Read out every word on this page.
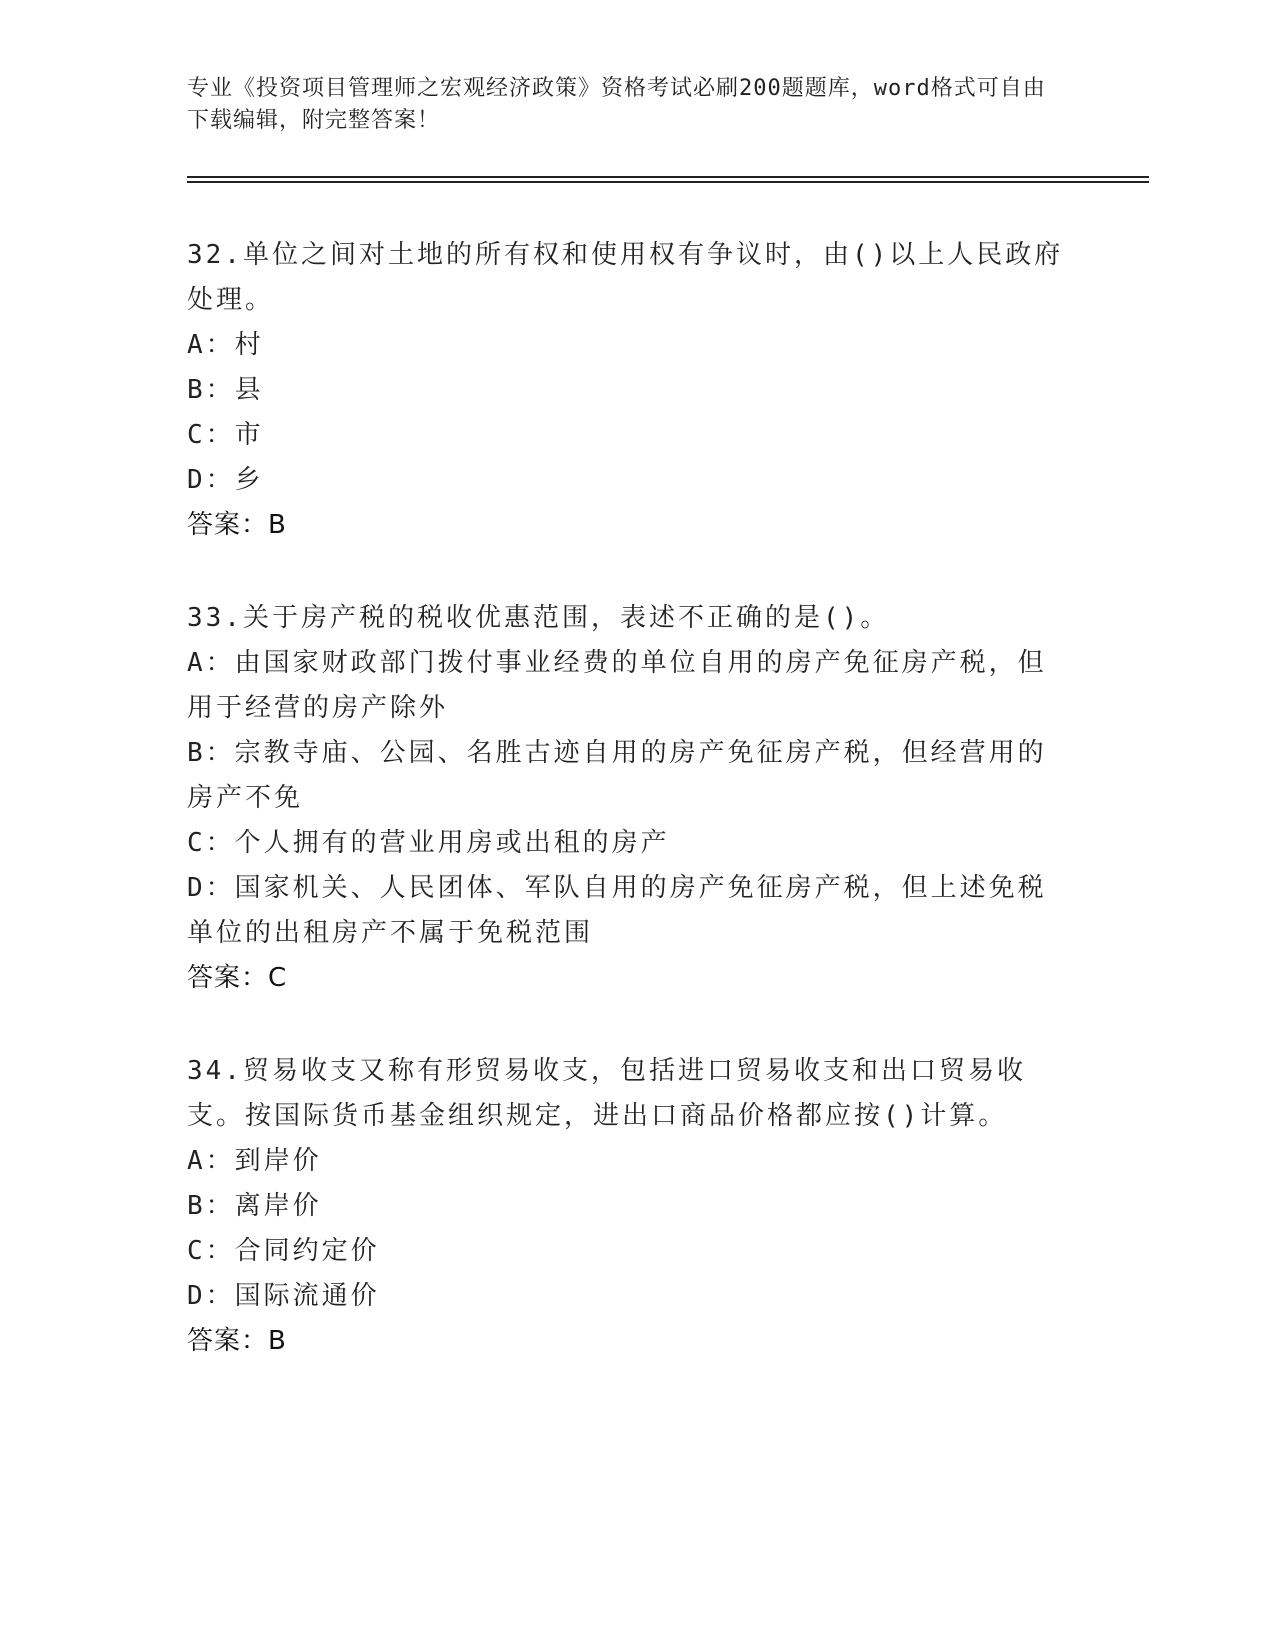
专业《投资项目管理师之宏观经济政策》资格考试必刷200题题库，word格式可自由下载编辑，附完整答案！
32.单位之间对土地的所有权和使用权有争议时，由()以上人民政府处理。
A：村
B：县
C：市
D：乡
答案：B
33.关于房产税的税收优惠范围，表述不正确的是()。
A：由国家财政部门拨付事业经费的单位自用的房产免征房产税，但用于经营的房产除外
B：宗教寺庙、公园、名胜古迹自用的房产免征房产税，但经营用的房产不免
C：个人拥有的营业用房或出租的房产
D：国家机关、人民团体、军队自用的房产免征房产税，但上述免税单位的出租房产不属于免税范围
答案：C
34.贸易收支又称有形贸易收支，包括进口贸易收支和出口贸易收支。按国际货币基金组织规定，进出口商品价格都应按()计算。
A：到岸价
B：离岸价
C：合同约定价
D：国际流通价
答案：B
